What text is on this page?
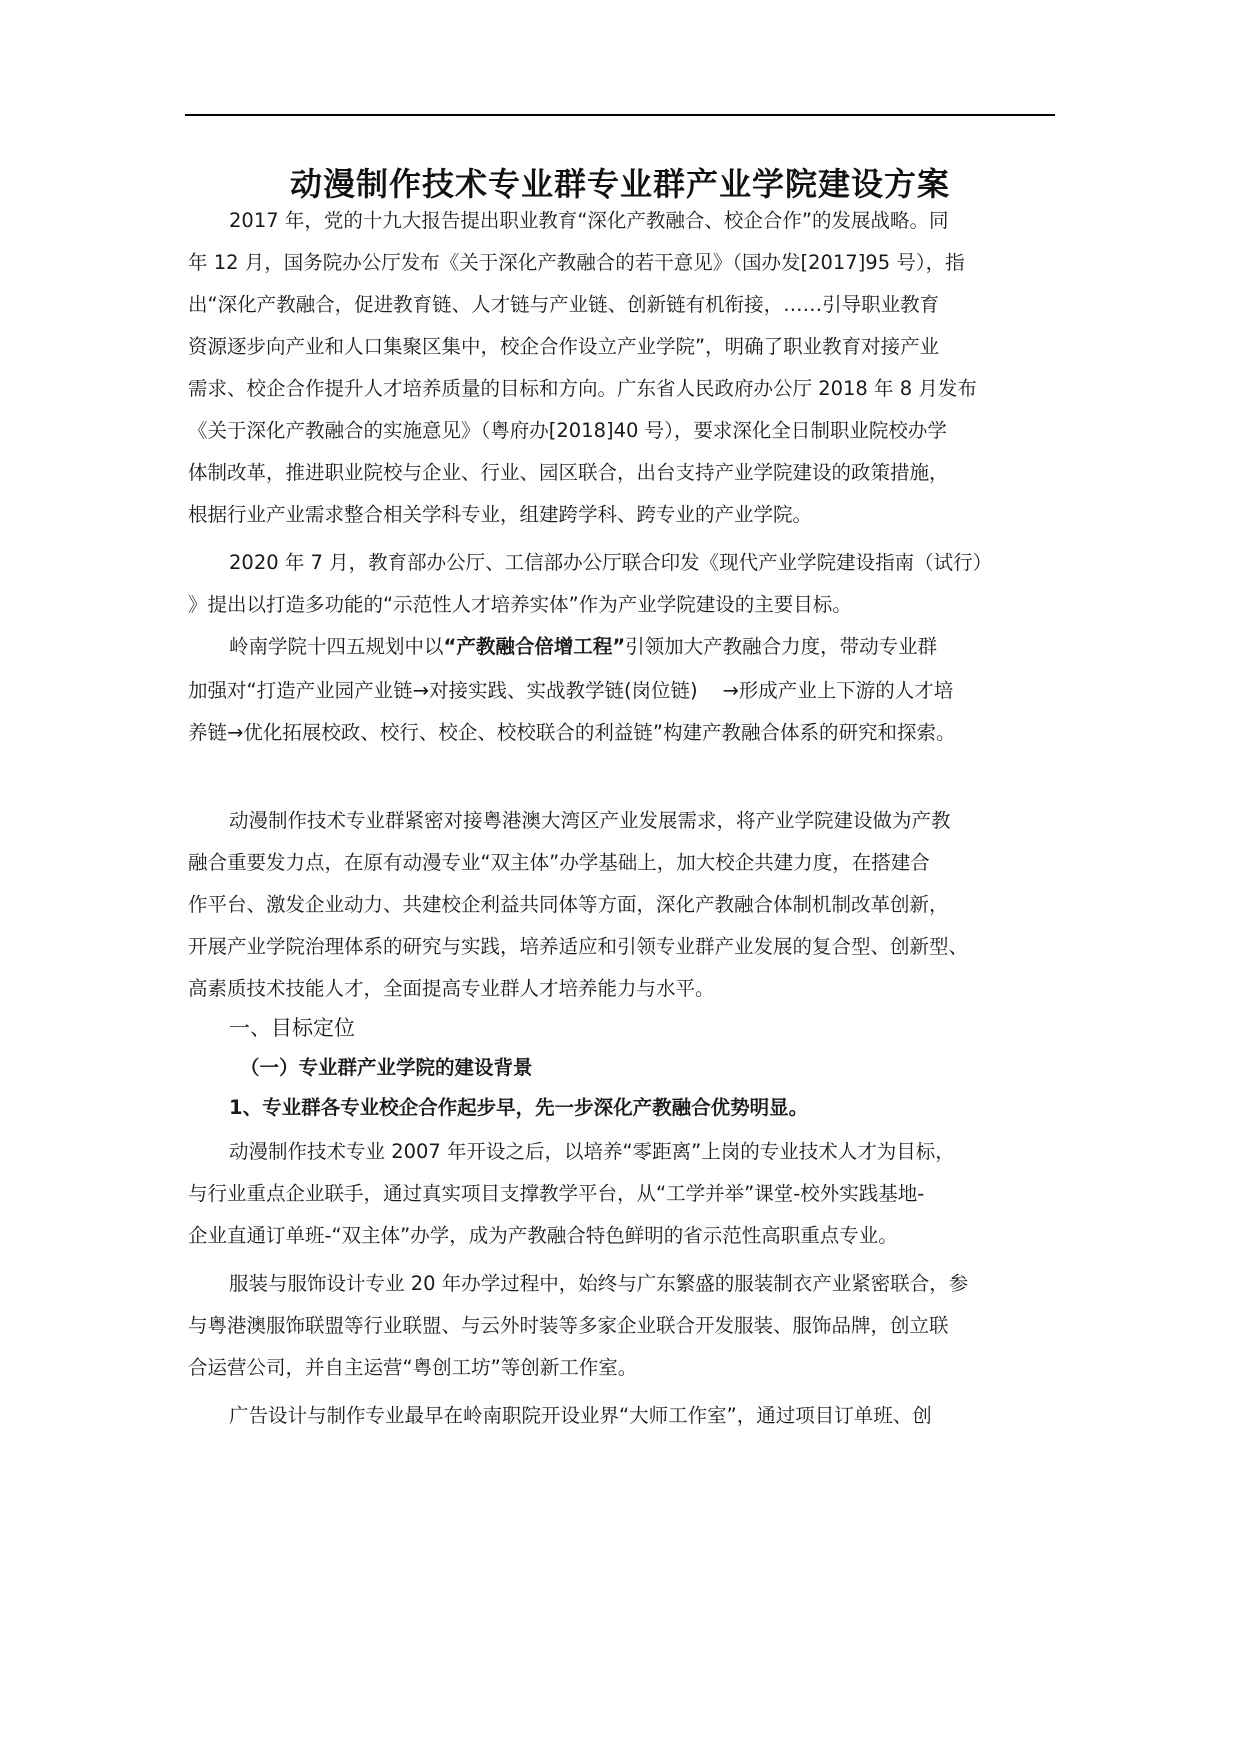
动漫制作技术专业群专业群产业学院建设方案
2017 年，党的十九大报告提出职业教育“深化产教融合、校企合作”的发展战略。同
年 12 月，国务院办公厅发布《关于深化产教融合的若干意见》（国办发[2017]95 号），指
出“深化产教融合，促进教育链、人才链与产业链、创新链有机衔接，……引导职业教育
资源逐步向产业和人口集聚区集中，校企合作设立产业学院”，明确了职业教育对接产业
需求、校企合作提升人才培养质量的目标和方向。广东省人民政府办公厅 2018 年 8 月发布
《关于深化产教融合的实施意见》（粤府办[2018]40 号），要求深化全日制职业院校办学
体制改革，推进职业院校与企业、行业、园区联合，出台支持产业学院建设的政策措施，
根据行业产业需求整合相关学科专业，组建跨学科、跨专业的产业学院。
2020 年 7 月，教育部办公厅、工信部办公厅联合印发《现代产业学院建设指南（试行）
》提出以打造多功能的“示范性人才培养实体”作为产业学院建设的主要目标。
岭南学院十四五规划中以“产教融合倍增工程”引领加大产教融合力度，带动专业群
加强对“打造产业园产业链→对接实践、实战教学链(岗位链)    →形成产业上下游的人才培
养链→优化拓展校政、校行、校企、校校联合的利益链”构建产教融合体系的研究和探索。
动漫制作技术专业群紧密对接粤港澳大湾区产业发展需求，将产业学院建设做为产教
融合重要发力点，在原有动漫专业“双主体”办学基础上，加大校企共建力度，在搭建合
作平台、激发企业动力、共建校企利益共同体等方面，深化产教融合体制机制改革创新，
开展产业学院治理体系的研究与实践，培养适应和引领专业群产业发展的复合型、创新型、
高素质技术技能人才，全面提高专业群人才培养能力与水平。
一、目标定位
（一）专业群产业学院的建设背景
1、专业群各专业校企合作起步早，先一步深化产教融合优势明显。
动漫制作技术专业 2007 年开设之后，以培养“零距离”上岗的专业技术人才为目标，
与行业重点企业联手，通过真实项目支撑教学平台，从“工学并举”课堂-校外实践基地-
企业直通订单班-“双主体”办学，成为产教融合特色鲜明的省示范性高职重点专业。
服装与服饰设计专业 20 年办学过程中，始终与广东繁盛的服装制衣产业紧密联合，参
与粤港澳服饰联盟等行业联盟、与云外时装等多家企业联合开发服装、服饰品牌，创立联
合运营公司，并自主运营“粤创工坊”等创新工作室。
广告设计与制作专业最早在岭南职院开设业界“大师工作室”，通过项目订单班、创
